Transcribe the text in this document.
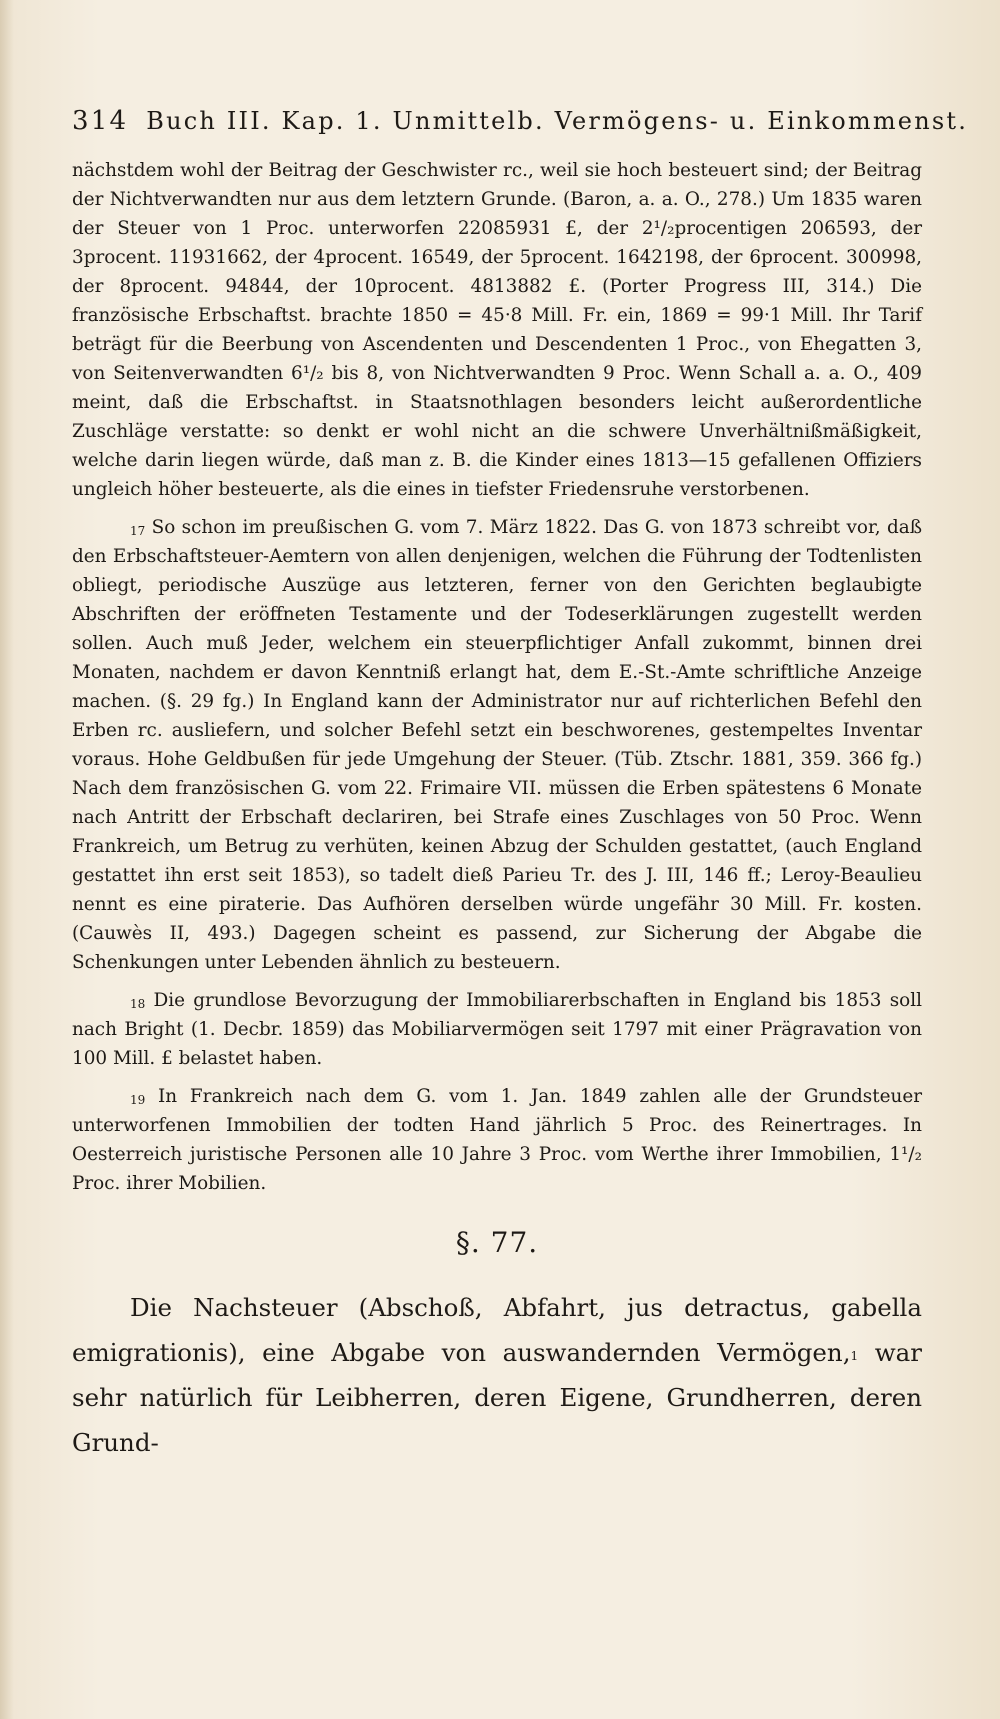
314 Buch III. Kap. 1. Unmittelb. Vermögens- u. Einkommenst.

nächstdem wohl der Beitrag der Geschwister rc., weil sie hoch besteuert sind; der Beitrag der Nichtverwandten nur aus dem letztern Grunde. (Baron, a. a. O., 278.) Um 1835 waren der Steuer von 1 Proc. unterworfen 22085931 £, der 2¹/₂procentigen 206593, der 3procent. 11931662, der 4procent. 16549, der 5procent. 1642198, der 6procent. 300998, der 8procent. 94844, der 10procent. 4813882 £. (Porter Progress III, 314.) Die französische Erbschaftst. brachte 1850 = 45·8 Mill. Fr. ein, 1869 = 99·1 Mill. Ihr Tarif beträgt für die Beerbung von Ascendenten und Descendenten 1 Proc., von Ehegatten 3, von Seitenverwandten 6¹/₂ bis 8, von Nichtverwandten 9 Proc. Wenn Schall a. a. O., 409 meint, daß die Erbschaftst. in Staatsnothlagen besonders leicht außerordentliche Zuschläge verstatte: so denkt er wohl nicht an die schwere Unverhältnißmäßigkeit, welche darin liegen würde, daß man z. B. die Kinder eines 1813—15 gefallenen Offiziers ungleich höher besteuerte, als die eines in tiefster Friedensruhe verstorbenen.

$^{17}$ So schon im preußischen G. vom 7. März 1822. Das G. von 1873 schreibt vor, daß den Erbschaftsteuer-Aemtern von allen denjenigen, welchen die Führung der Todtenlisten obliegt, periodische Auszüge aus letzteren, ferner von den Gerichten beglaubigte Abschriften der eröffneten Testamente und der Todeserklärungen zugestellt werden sollen. Auch muß Jeder, welchem ein steuerpflichtiger Anfall zukommt, binnen drei Monaten, nachdem er davon Kenntniß erlangt hat, dem E.-St.-Amte schriftliche Anzeige machen. (§. 29 fg.) In England kann der Administrator nur auf richterlichen Befehl den Erben rc. ausliefern, und solcher Befehl setzt ein beschworenes, gestempeltes Inventar voraus. Hohe Geldbußen für jede Umgehung der Steuer. (Tüb. Ztschr. 1881, 359. 366 fg.) Nach dem französischen G. vom 22. Frimaire VII. müssen die Erben spätestens 6 Monate nach Antritt der Erbschaft declariren, bei Strafe eines Zuschlages von 50 Proc. Wenn Frankreich, um Betrug zu verhüten, keinen Abzug der Schulden gestattet, (auch England gestattet ihn erst seit 1853), so tadelt dieß Parieu Tr. des J. III, 146 ff.; Leroy-Beaulieu nennt es eine piraterie. Das Aufhören derselben würde ungefähr 30 Mill. Fr. kosten. (Cauwès II, 493.) Dagegen scheint es passend, zur Sicherung der Abgabe die Schenkungen unter Lebenden ähnlich zu besteuern.

$^{18}$ Die grundlose Bevorzugung der Immobiliarerbschaften in England bis 1853 soll nach Bright (1. Decbr. 1859) das Mobiliarvermögen seit 1797 mit einer Prägravation von 100 Mill. £ belastet haben.

$^{19}$ In Frankreich nach dem G. vom 1. Jan. 1849 zahlen alle der Grundsteuer unterworfenen Immobilien der todten Hand jährlich 5 Proc. des Reinertrages. In Oesterreich juristische Personen alle 10 Jahre 3 Proc. vom Werthe ihrer Immobilien, 1¹/₂ Proc. ihrer Mobilien.

§. 77.

Die Nachsteuer (Abschoß, Abfahrt, jus detractus, gabella emigrationis), eine Abgabe von auswandernden Vermögen,$^1$ war sehr natürlich für Leibherren, deren Eigene, Grundherren, deren Grund-
